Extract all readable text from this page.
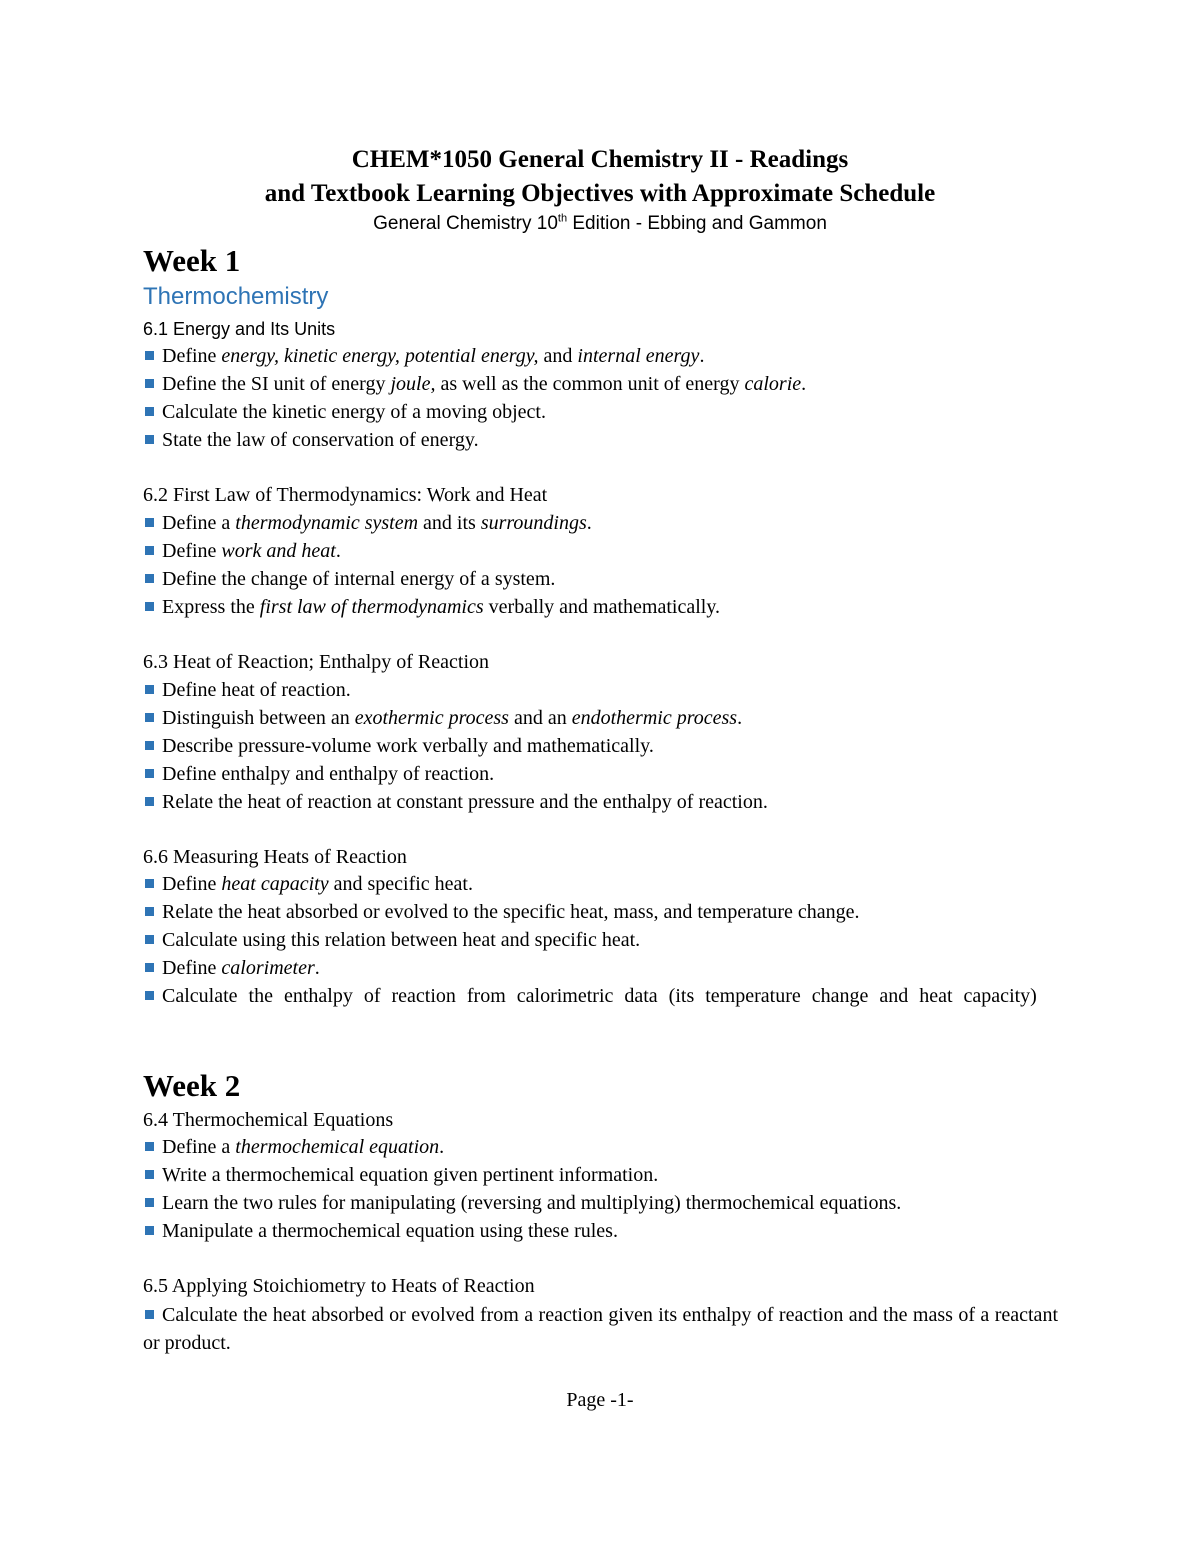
CHEM*1050 General Chemistry II - Readings
and Textbook Learning Objectives with Approximate Schedule
General Chemistry 10th Edition - Ebbing and Gammon
Week 1
Thermochemistry
6.1 Energy and Its Units
Define energy, kinetic energy, potential energy, and internal energy.
Define the SI unit of energy joule, as well as the common unit of energy calorie.
Calculate the kinetic energy of a moving object.
State the law of conservation of energy.
6.2 First Law of Thermodynamics: Work and Heat
Define a thermodynamic system and its surroundings.
Define work and heat.
Define the change of internal energy of a system.
Express the first law of thermodynamics verbally and mathematically.
6.3 Heat of Reaction; Enthalpy of Reaction
Define heat of reaction.
Distinguish between an exothermic process and an endothermic process.
Describe pressure-volume work verbally and mathematically.
Define enthalpy and enthalpy of reaction.
Relate the heat of reaction at constant pressure and the enthalpy of reaction.
6.6 Measuring Heats of Reaction
Define heat capacity and specific heat.
Relate the heat absorbed or evolved to the specific heat, mass, and temperature change.
Calculate using this relation between heat and specific heat.
Define calorimeter.
Calculate the enthalpy of reaction from calorimetric data (its temperature change and heat capacity)
Week 2
6.4 Thermochemical Equations
Define a thermochemical equation.
Write a thermochemical equation given pertinent information.
Learn the two rules for manipulating (reversing and multiplying) thermochemical equations.
Manipulate a thermochemical equation using these rules.
6.5 Applying Stoichiometry to Heats of Reaction
Calculate the heat absorbed or evolved from a reaction given its enthalpy of reaction and the mass of a reactant or product.
Page -1-
